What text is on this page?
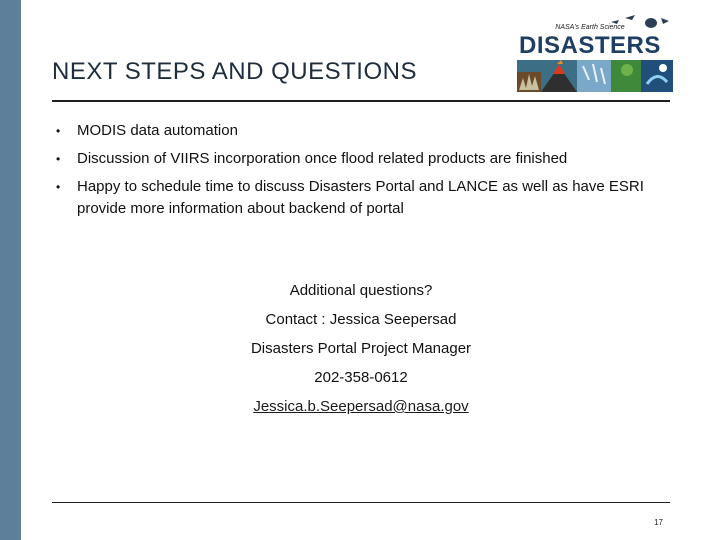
NEXT STEPS AND QUESTIONS
NASA's Earth Science
DISASTERS
• MODIS data automation
• Discussion of VIIRS incorporation once flood related products are finished
• Happy to schedule time to discuss Disasters Portal and LANCE as well as have ESRI provide more information about backend of portal
Additional questions?
Contact : Jessica Seepersad
Disasters Portal Project Manager
202-358-0612
Jessica.b.Seepersad@nasa.gov
17
